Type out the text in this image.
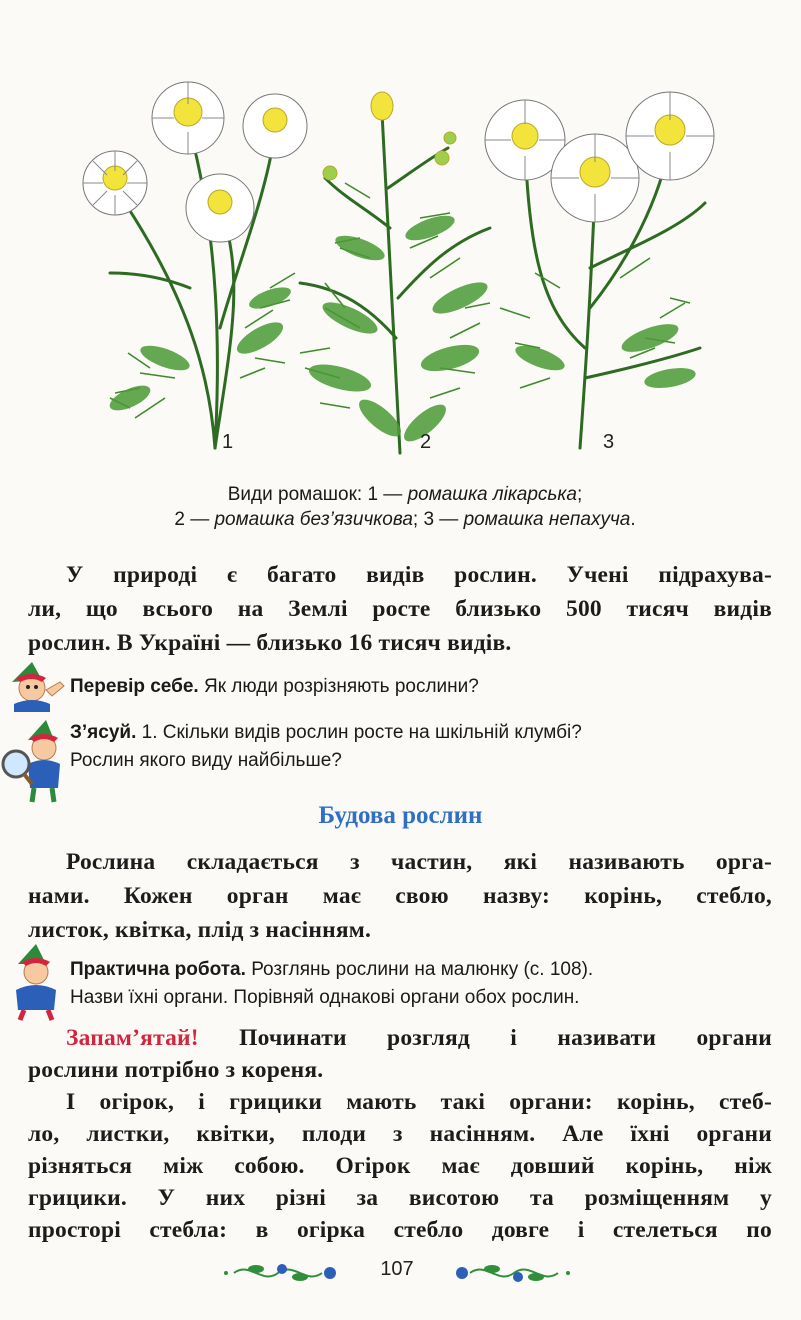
1	2	3
Види ромашок: 1 — ромашка лікарська;
2 — ромашка без’язичкова; 3 — ромашка непахуча.
У природі є багато видів рослин. Учені підрахува-
ли, що всього на Землі росте близько 500 тисяч видів
рослин. В Україні — близько 16 тисяч видів.
Перевір себе. Як люди розрізняють рослини?
З’ясуй. 1. Скільки видів рослин росте на шкільній клумбі?
Рослин якого виду найбільше?
Будова рослин
Рослина складається з частин, які називають орга-
нами. Кожен орган має свою назву: корінь, стебло,
листок, квітка, плід з насінням.
Практична робота. Розглянь рослини на малюнку (с. 108).
Назви їхні органи. Порівняй однакові органи обох рослин.
Запам’ятай! Починати розгляд і називати органи
рослини потрібно з кореня.
І огірок, і грицики мають такі органи: корінь, стеб-
ло, листки, квітки, плоди з насінням. Але їхні органи
різняться між собою. Огірок має довший корінь, ніж
грицики. У них різні за висотою та розміщенням у
просторі стебла: в огірка стебло довге і стелеться по
107
